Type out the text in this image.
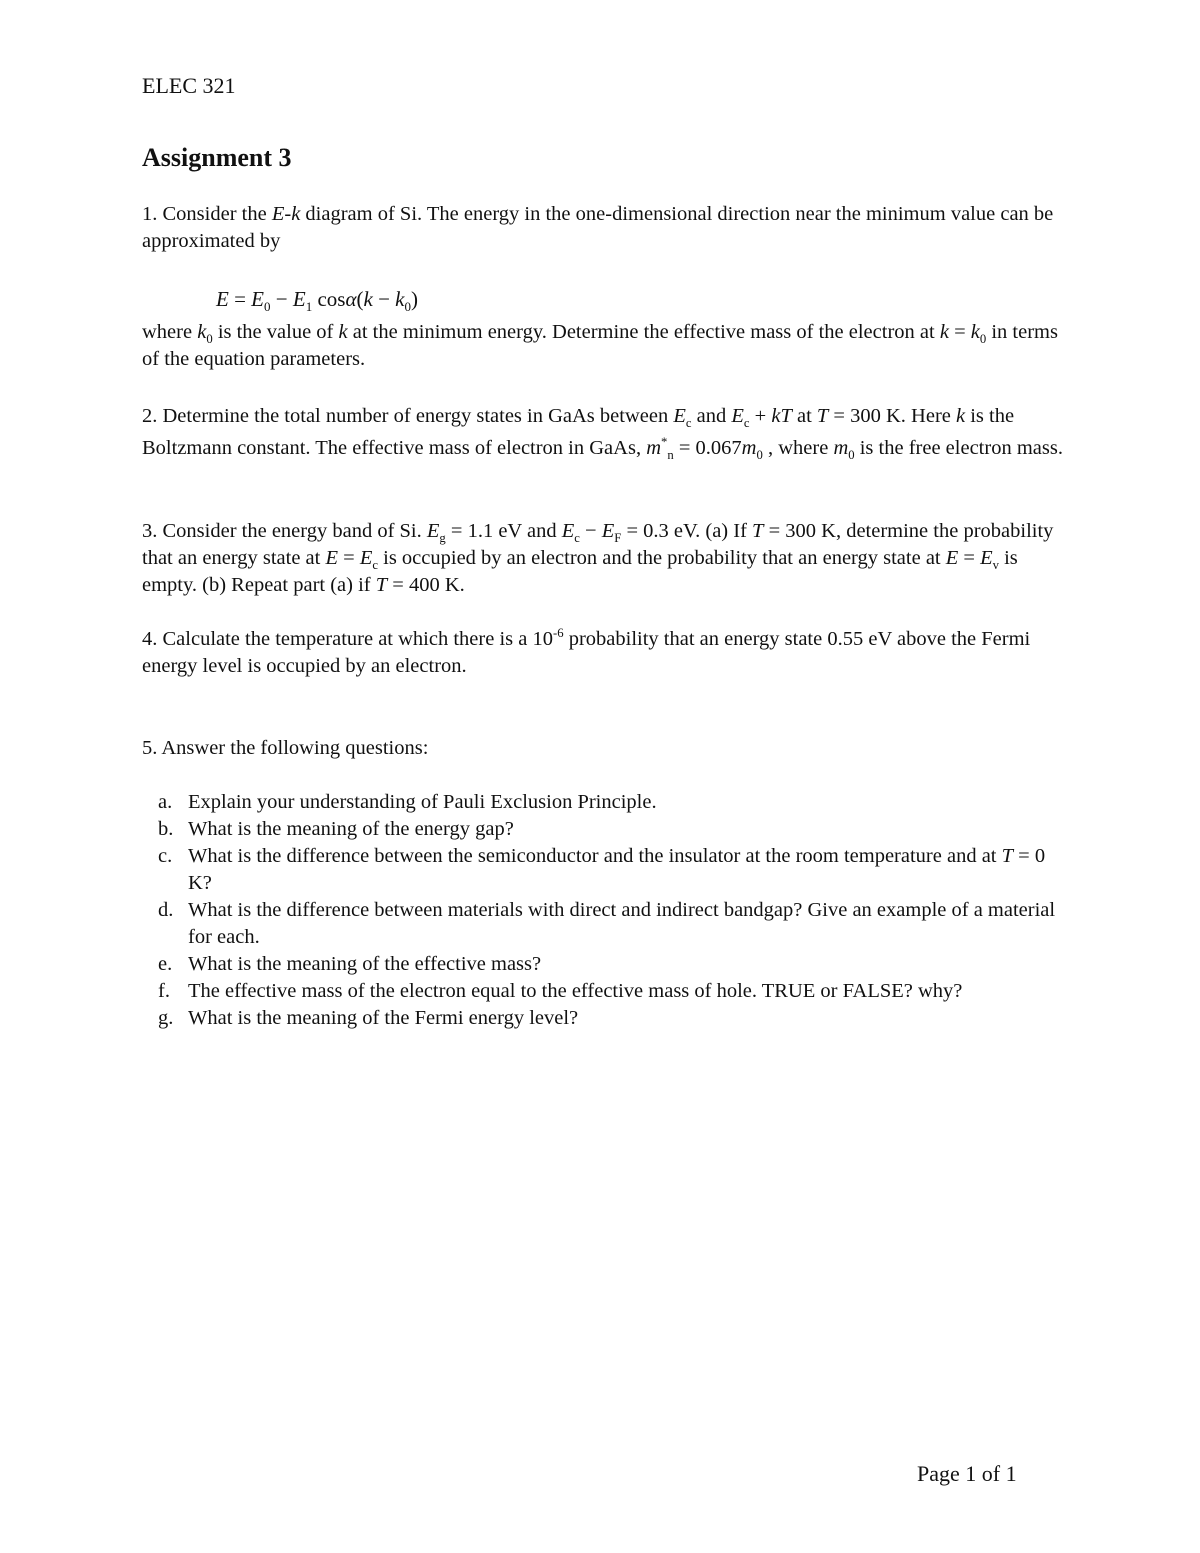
ELEC 321
Assignment 3

1. Consider the E-k diagram of Si. The energy in the one-dimensional direction near the minimum value can be approximated by

$E = E_0 - E_1$ $\cos\alpha(k - k_0)$

where $k_0$ is the value of k at the minimum energy. Determine the effective mass of the electron at $k = k_0$ in terms of the equation parameters.

2. Determine the total number of energy states in GaAs between $E_c$ and $E_c$ + kT at T = 300 K. Here k is the Boltzmann constant. The effective mass of electron in GaAs, $m^*_n = 0.067m_0$ , where $m_0$ is the free electron mass.

3. Consider the energy band of Si. $E_g = 1.1$ eV and $E_c - E_F = 0.3$ eV. (a) If T = 300 K, determine the probability that an energy state at $E = E_c$ is occupied by an electron and the probability that an energy state at $E = E_v$ is empty. (b) Repeat part (a) if T = 400 K.

4. Calculate the temperature at which there is a $10^{-6}$ probability that an energy state 0.55 eV above the Fermi energy level is occupied by an electron.

5. Answer the following questions:

a. Explain your understanding of Pauli Exclusion Principle.
b. What is the meaning of the energy gap?
c. What is the difference between the semiconductor and the insulator at the room temperature and at T = 0 K?
d. What is the difference between materials with direct and indirect bandgap? Give an example of a material for each.
e. What is the meaning of the effective mass?
f. The effective mass of the electron equal to the effective mass of hole. TRUE or FALSE? why?
g. What is the meaning of the Fermi energy level?
Page 1 of 1
